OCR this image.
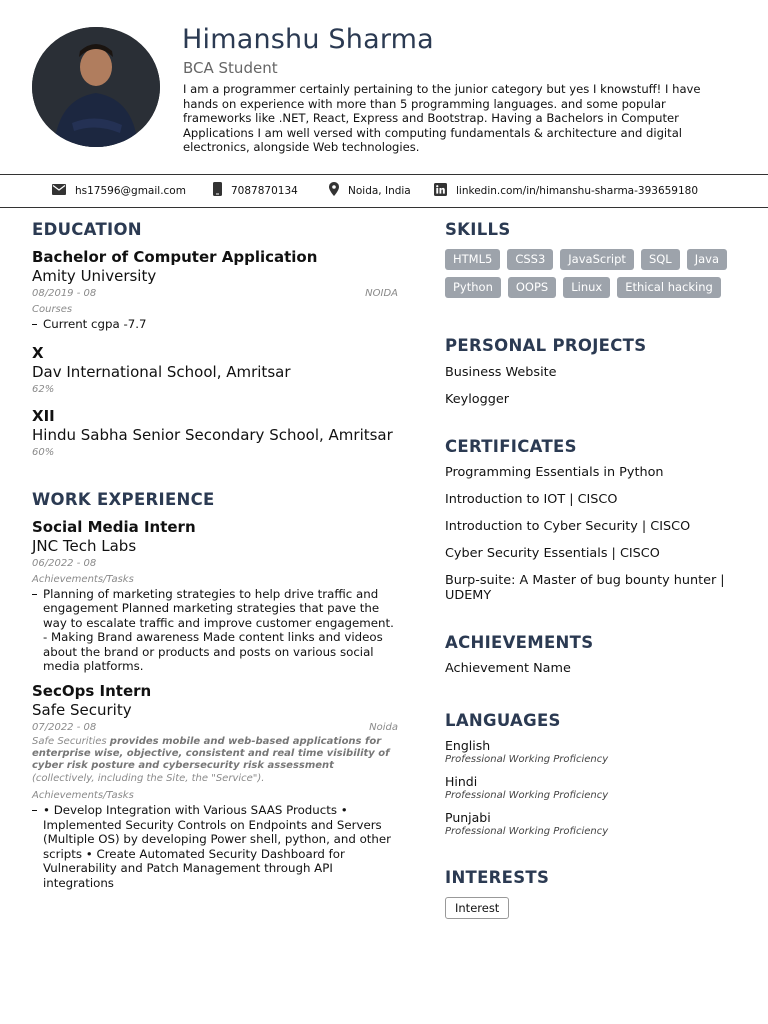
Himanshu Sharma
BCA Student
I am a programmer certainly pertaining to the junior category but yes I knowstuff! I have hands on experience with more than 5 programming languages. and some popular frameworks like .NET, React, Express and Bootstrap. Having a Bachelors in Computer Applications I am well versed with computing fundamentals & architecture and digital electronics, alongside Web technologies.
hs17596@gmail.com	7087870134	Noida, India	linkedin.com/in/himanshu-sharma-393659180
EDUCATION
Bachelor of Computer Application
Amity University
08/2019 - 08	NOIDA
Courses
Current cgpa -7.7
X
Dav International School, Amritsar
62%
XII
Hindu Sabha Senior Secondary School, Amritsar
60%
WORK EXPERIENCE
Social Media Intern
JNC Tech Labs
06/2022 - 08
Achievements/Tasks
Planning of marketing strategies to help drive traffic and engagement Planned marketing strategies that pave the way to escalate traffic and improve customer engagement. - Making Brand awareness Made content links and videos about the brand or products and posts on various social media platforms.
SecOps Intern
Safe Security
07/2022 - 08	Noida
Safe Securities provides mobile and web-based applications for enterprise wise, objective, consistent and real time visibility of cyber risk posture and cybersecurity risk assessment (collectively, including the Site, the "Service").
Achievements/Tasks
• Develop Integration with Various SAAS Products • Implemented Security Controls on Endpoints and Servers (Multiple OS) by developing Power shell, python, and other scripts • Create Automated Security Dashboard for Vulnerability and Patch Management through API integrations
SKILLS
HTML5	CSS3	JavaScript	SQL	Java
Python	OOPS	Linux	Ethical hacking
PERSONAL PROJECTS
Business Website
Keylogger
CERTIFICATES
Programming Essentials in Python
Introduction to IOT | CISCO
Introduction to Cyber Security | CISCO
Cyber Security Essentials | CISCO
Burp-suite: A Master of bug bounty hunter | UDEMY
ACHIEVEMENTS
Achievement Name
LANGUAGES
English
Professional Working Proficiency
Hindi
Professional Working Proficiency
Punjabi
Professional Working Proficiency
INTERESTS
Interest
